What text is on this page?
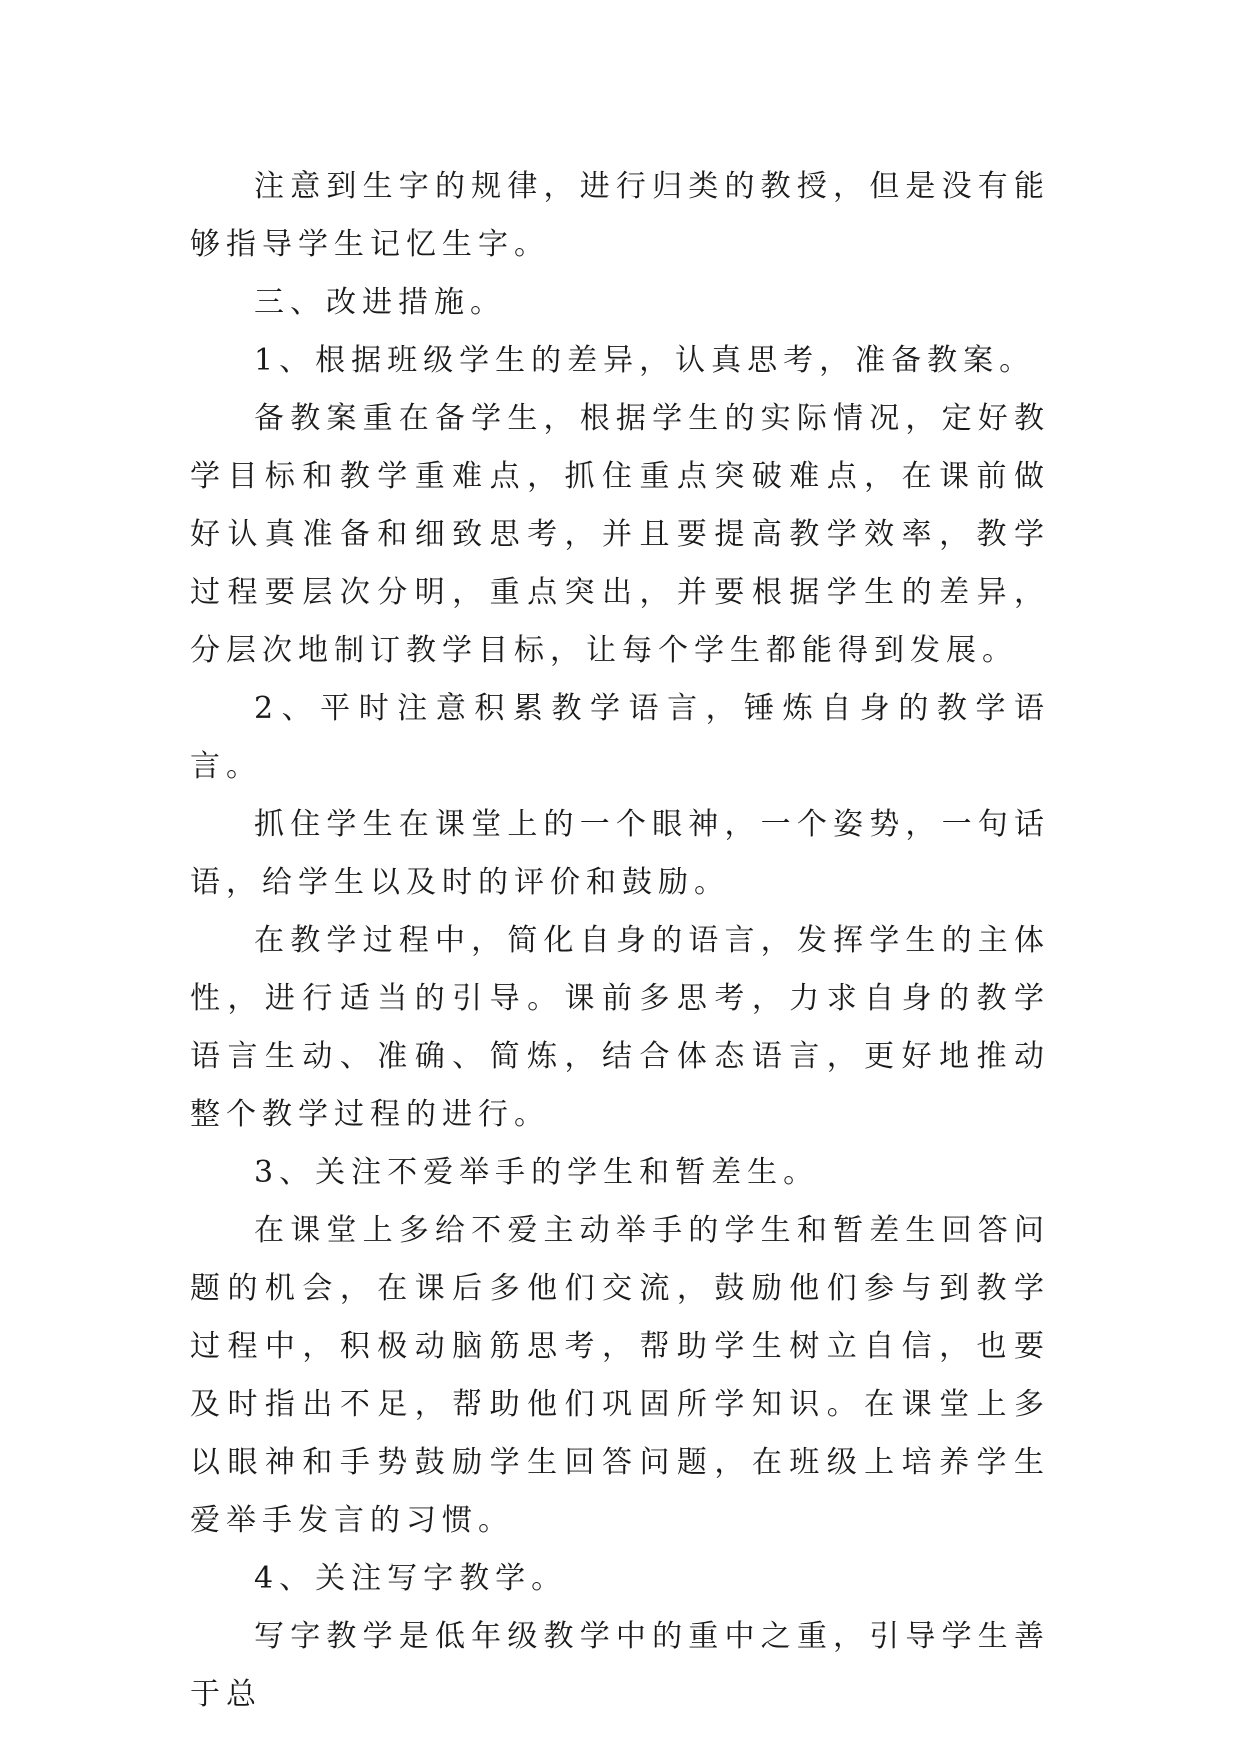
注意到生字的规律，进行归类的教授，但是没有能够指导学生记忆生字。

三、改进措施。

1、根据班级学生的差异，认真思考，准备教案。

备教案重在备学生，根据学生的实际情况，定好教学目标和教学重难点，抓住重点突破难点，在课前做好认真准备和细致思考，并且要提高教学效率，教学过程要层次分明，重点突出，并要根据学生的差异，分层次地制订教学目标，让每个学生都能得到发展。

2、平时注意积累教学语言，锤炼自身的教学语言。

抓住学生在课堂上的一个眼神，一个姿势，一句话语，给学生以及时的评价和鼓励。

在教学过程中，简化自身的语言，发挥学生的主体性，进行适当的引导。课前多思考，力求自身的教学语言生动、准确、简炼，结合体态语言，更好地推动整个教学过程的进行。

3、关注不爱举手的学生和暂差生。

在课堂上多给不爱主动举手的学生和暂差生回答问题的机会，在课后多他们交流，鼓励他们参与到教学过程中，积极动脑筋思考，帮助学生树立自信，也要及时指出不足，帮助他们巩固所学知识。在课堂上多以眼神和手势鼓励学生回答问题，在班级上培养学生爱举手发言的习惯。

4、关注写字教学。

写字教学是低年级教学中的重中之重，引导学生善于总
